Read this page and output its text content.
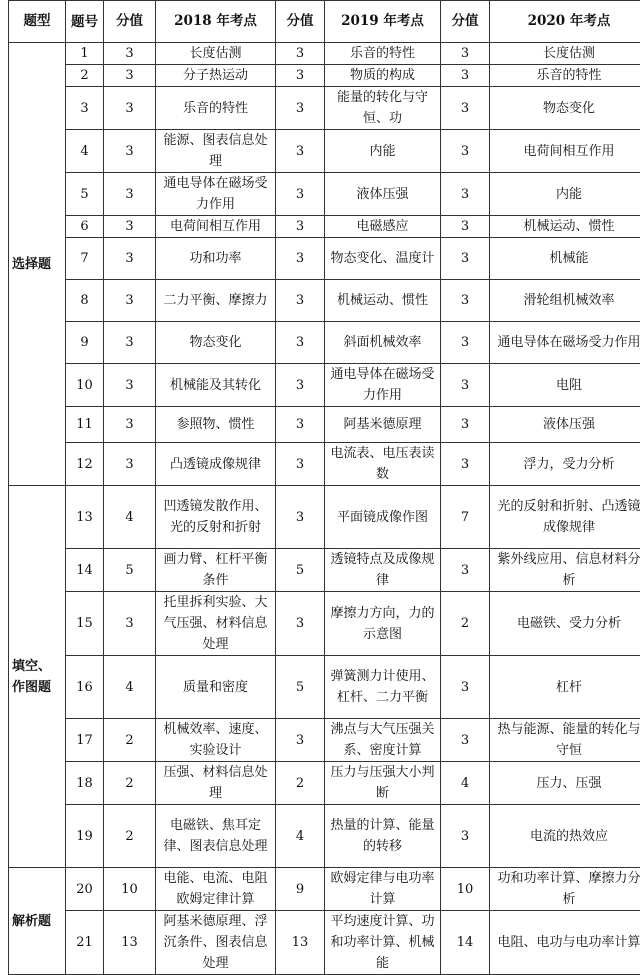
题型	题号	分值	2018 年考点	分值	2019 年考点	分值	2020 年考点
选择题	1	3	长度估测	3	乐音的特性	3	长度估测
	2	3	分子热运动	3	物质的构成	3	乐音的特性
	3	3	乐音的特性	3	能量的转化与守恒、功	3	物态变化
	4	3	能源、图表信息处理	3	内能	3	电荷间相互作用
	5	3	通电导体在磁场受力作用	3	液体压强	3	内能
	6	3	电荷间相互作用	3	电磁感应	3	机械运动、惯性
	7	3	功和功率	3	物态变化、温度计	3	机械能
	8	3	二力平衡、摩擦力	3	机械运动、惯性	3	滑轮组机械效率
	9	3	物态变化	3	斜面机械效率	3	通电导体在磁场受力作用
	10	3	机械能及其转化	3	通电导体在磁场受力作用	3	电阻
	11	3	参照物、惯性	3	阿基米德原理	3	液体压强
	12	3	凸透镜成像规律	3	电流表、电压表读数	3	浮力，受力分析
填空、作图题	13	4	凹透镜发散作用、光的反射和折射	3	平面镜成像作图	7	光的反射和折射、凸透镜成像规律
	14	5	画力臂、杠杆平衡条件	5	透镜特点及成像规律	3	紫外线应用、信息材料分析
	15	3	托里拆利实验、大气压强、材料信息处理	3	摩擦力方向，力的示意图	2	电磁铁、受力分析
	16	4	质量和密度	5	弹簧测力计使用、杠杆、二力平衡	3	杠杆
	17	2	机械效率、速度、实验设计	3	沸点与大气压强关系、密度计算	3	热与能源、能量的转化与守恒
	18	2	压强、材料信息处理	2	压力与压强大小判断	4	压力、压强
	19	2	电磁铁、焦耳定律、图表信息处理	4	热量的计算、能量的转移	3	电流的热效应
解析题	20	10	电能、电流、电阻欧姆定律计算	9	欧姆定律与电功率计算	10	功和功率计算、摩擦力分析
	21	13	阿基米德原理、浮沉条件、图表信息处理	13	平均速度计算、功和功率计算、机械能	14	电阻、电功与电功率计算
